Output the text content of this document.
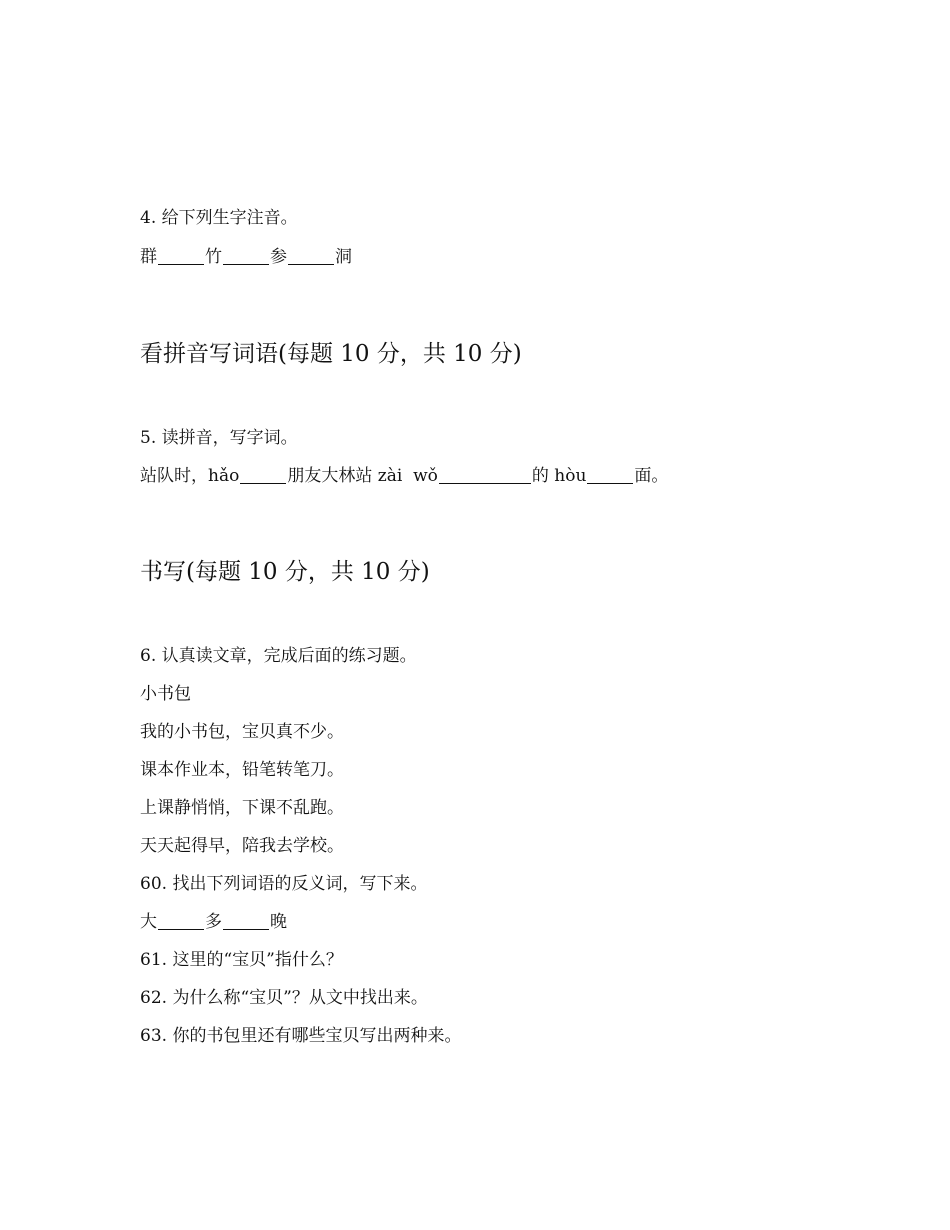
4. 给下列生字注音。
群	竹	参	洞
看拼音写词语(每题 10 分，共 10 分)
5. 读拼音，写字词。
站队时，hǎo	朋友大林站 zài  wǒ	的 hòu	面。
书写(每题 10 分，共 10 分)
6. 认真读文章，完成后面的练习题。
小书包
我的小书包，宝贝真不少。
课本作业本，铅笔转笔刀。
上课静悄悄，下课不乱跑。
天天起得早，陪我去学校。
60. 找出下列词语的反义词，写下来。
大	多	晚
61. 这里的“宝贝”指什么？
62. 为什么称“宝贝”？从文中找出来。
63. 你的书包里还有哪些宝贝写出两种来。
